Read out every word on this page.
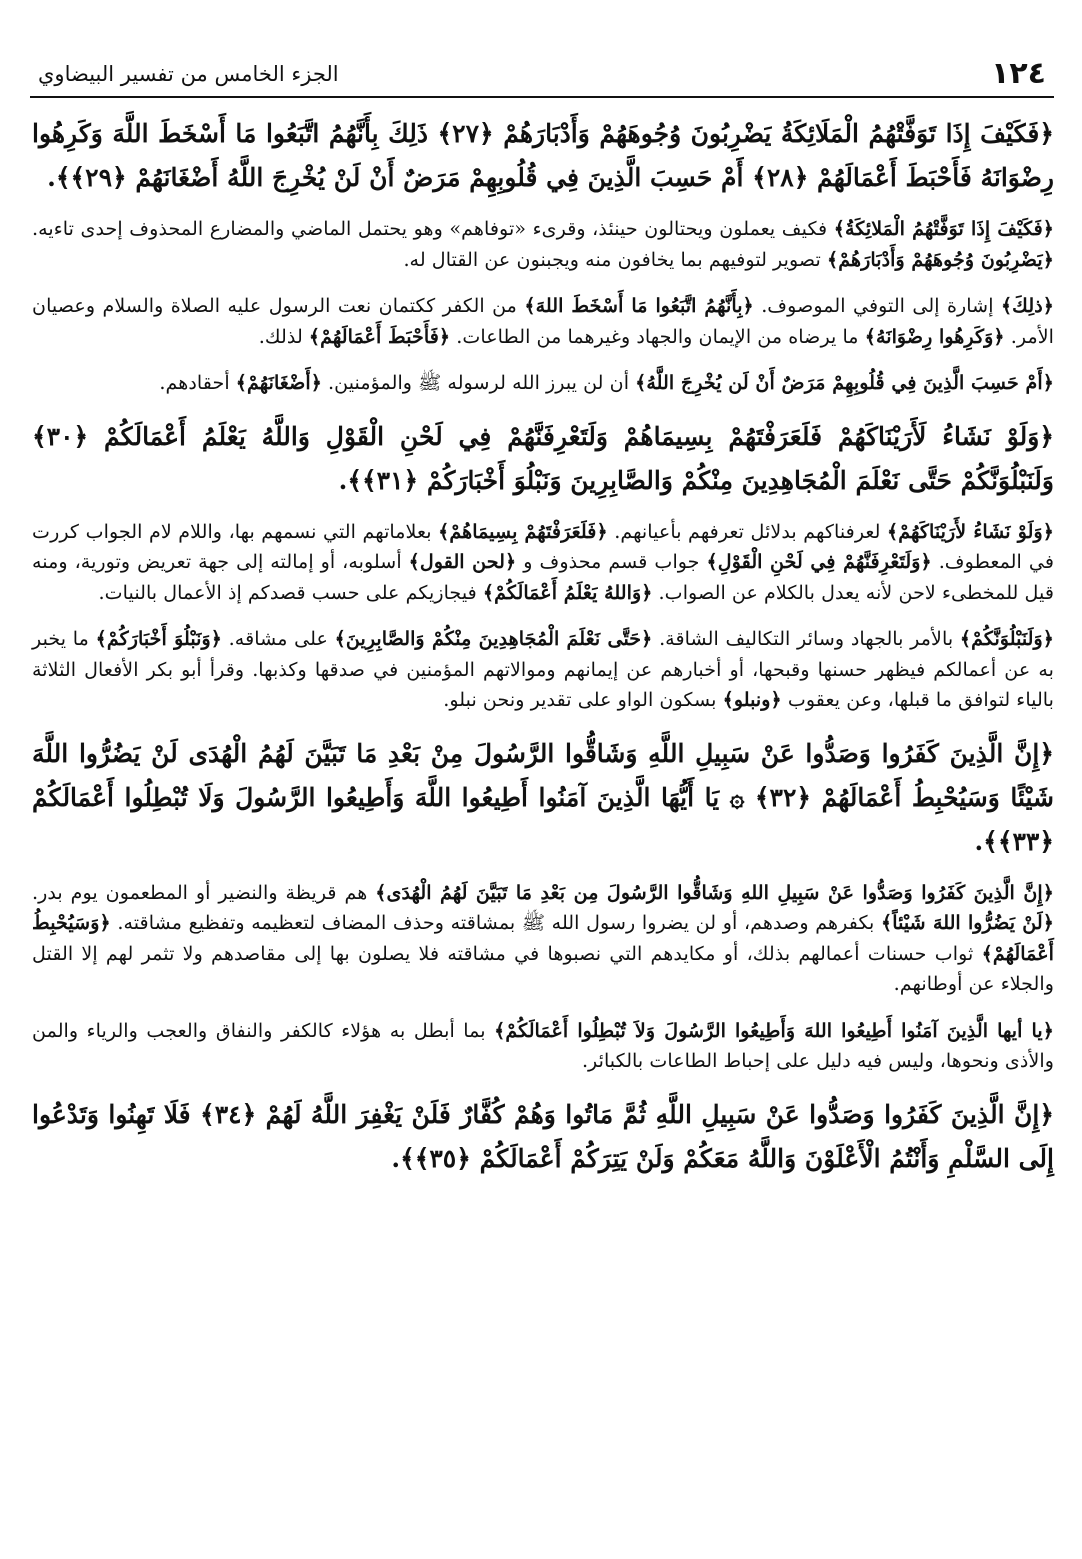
١٢٤
الجزء الخامس من تفسير البيضاوي
﴿فَكَيْفَ إِذَا تَوَفَّتْهُمُ الْمَلَائِكَةُ يَضْرِبُونَ وُجُوهَهُمْ وَأَدْبَارَهُمْ ﴿٢٧﴾ ذَلِكَ بِأَنَّهُمُ اتَّبَعُوا مَا أَسْخَطَ اللَّهَ وَكَرِهُوا رِضْوَانَهُ فَأَحْبَطَ أَعْمَالَهُمْ ﴿٢٨﴾ أَمْ حَسِبَ الَّذِينَ فِي قُلُوبِهِمْ مَرَضٌ أَنْ لَنْ يُخْرِجَ اللَّهُ أَضْغَانَهُمْ ﴿٢٩﴾﴾.

﴿فَكَيْفَ إِذَا تَوَفَّتْهُمُ الْمَلائِكَةُ﴾ فكيف يعملون ويحتالون حينئذ، وقرىء «توفاهم» وهو يحتمل الماضي والمضارع المحذوف إحدى تاءيه. ﴿يَضْرِبُونَ وُجُوهَهُمْ وَأَدْبَارَهُمْ﴾ تصوير لتوفيهم بما يخافون منه ويجبنون عن القتال له.

﴿ذلِكَ﴾ إشارة إلى التوفي الموصوف. ﴿بِأَنَّهُمُ اتَّبَعُوا مَا أَسْخَطَ اللهَ﴾ من الكفر ككتمان نعت الرسول عليه الصلاة والسلام وعصيان الأمر. ﴿وَكَرِهُوا رِضْوَانَهُ﴾ ما يرضاه من الإيمان والجهاد وغيرهما من الطاعات. ﴿فَأَحْبَطَ أَعْمَالَهُمْ﴾ لذلك.

﴿أَمْ حَسِبَ الَّذِينَ فِي قُلُوبِهِمْ مَرَضٌ أَنْ لَن يُخْرِجَ اللَّهُ﴾ أن لن يبرز الله لرسوله ﷺ والمؤمنين. ﴿أَضْغَانَهُمْ﴾ أحقادهم.

﴿وَلَوْ نَشَاءُ لَأَرَيْنَاكَهُمْ فَلَعَرَفْتَهُمْ بِسِيمَاهُمْ وَلَتَعْرِفَنَّهُمْ فِي لَحْنِ الْقَوْلِ وَاللَّهُ يَعْلَمُ أَعْمَالَكُمْ ﴿٣٠﴾ وَلَنَبْلُوَنَّكُمْ حَتَّى نَعْلَمَ الْمُجَاهِدِينَ مِنْكُمْ وَالصَّابِرِينَ وَنَبْلُوَ أَخْبَارَكُمْ ﴿٣١﴾﴾.

﴿وَلَوْ نَشَاءُ لأَرَيْنَاكَهُمْ﴾ لعرفناكهم بدلائل تعرفهم بأعيانهم. ﴿فَلَعَرَفْتَهُمْ بِسِيمَاهُمْ﴾ بعلاماتهم التي نسمهم بها، واللام لام الجواب كررت في المعطوف. ﴿وَلَتَعْرِفَنَّهُمْ فِي لَحْنِ الْقَوْلِ﴾ جواب قسم محذوف و ﴿لحن القول﴾ أسلوبه، أو إمالته إلى جهة تعريض وتورية، ومنه قيل للمخطىء لاحن لأنه يعدل بالكلام عن الصواب. ﴿وَاللهُ يَعْلَمُ أَعْمَالَكُمْ﴾ فيجازيكم على حسب قصدكم إذ الأعمال بالنيات.

﴿وَلَنَبْلُوَنَّكُمْ﴾ بالأمر بالجهاد وسائر التكاليف الشاقة. ﴿حَتَّى نَعْلَمَ الْمُجَاهِدِينَ مِنْكُمْ وَالصَّابِرِينَ﴾ على مشاقه. ﴿وَنَبْلُوَ أَخْبَارَكُمْ﴾ ما يخبر به عن أعمالكم فيظهر حسنها وقبحها، أو أخبارهم عن إيمانهم وموالاتهم المؤمنين في صدقها وكذبها. وقرأ أبو بكر الأفعال الثلاثة بالياء لتوافق ما قبلها، وعن يعقوب ﴿ونبلو﴾ بسكون الواو على تقدير ونحن نبلو.

﴿إِنَّ الَّذِينَ كَفَرُوا وَصَدُّوا عَنْ سَبِيلِ اللَّهِ وَشَاقُّوا الرَّسُولَ مِنْ بَعْدِ مَا تَبَيَّنَ لَهُمُ الْهُدَى لَنْ يَضُرُّوا اللَّهَ شَيْئًا وَسَيُحْبِطُ أَعْمَالَهُمْ ﴿٣٢﴾ ۞ يَا أَيُّهَا الَّذِينَ آمَنُوا أَطِيعُوا اللَّهَ وَأَطِيعُوا الرَّسُولَ وَلَا تُبْطِلُوا أَعْمَالَكُمْ ﴿٣٣﴾﴾.

﴿إِنَّ الَّذِينَ كَفَرُوا وَصَدُّوا عَنْ سَبِيلِ اللهِ وَشَاقُّوا الرَّسُولَ مِن بَعْدِ مَا تَبَيَّنَ لَهُمُ الْهُدَى﴾ هم قريظة والنضير أو المطعمون يوم بدر. ﴿لَنْ يَضُرُّوا اللهَ شَيْئاً﴾ بكفرهم وصدهم، أو لن يضروا رسول الله ﷺ بمشاقته وحذف المضاف لتعظيمه وتفظيع مشاقته. ﴿وَسَيُحْبِطُ أَعْمَالَهُمْ﴾ ثواب حسنات أعمالهم بذلك، أو مكايدهم التي نصبوها في مشاقته فلا يصلون بها إلى مقاصدهم ولا تثمر لهم إلا القتل والجلاء عن أوطانهم.

﴿يا أيها الَّذِينَ آمَنُوا أَطِيعُوا اللهَ وَأَطِيعُوا الرَّسُولَ وَلاَ تُبْطِلُوا أَعْمَالَكُمْ﴾ بما أبطل به هؤلاء كالكفر والنفاق والعجب والرياء والمن والأذى ونحوها، وليس فيه دليل على إحباط الطاعات بالكبائر.

﴿إِنَّ الَّذِينَ كَفَرُوا وَصَدُّوا عَنْ سَبِيلِ اللَّهِ ثُمَّ مَاتُوا وَهُمْ كُفَّارٌ فَلَنْ يَغْفِرَ اللَّهُ لَهُمْ ﴿٣٤﴾ فَلَا تَهِنُوا وَتَدْعُوا إِلَى السَّلْمِ وَأَنْتُمُ الْأَعْلَوْنَ وَاللَّهُ مَعَكُمْ وَلَنْ يَتِرَكُمْ أَعْمَالَكُمْ ﴿٣٥﴾﴾.
